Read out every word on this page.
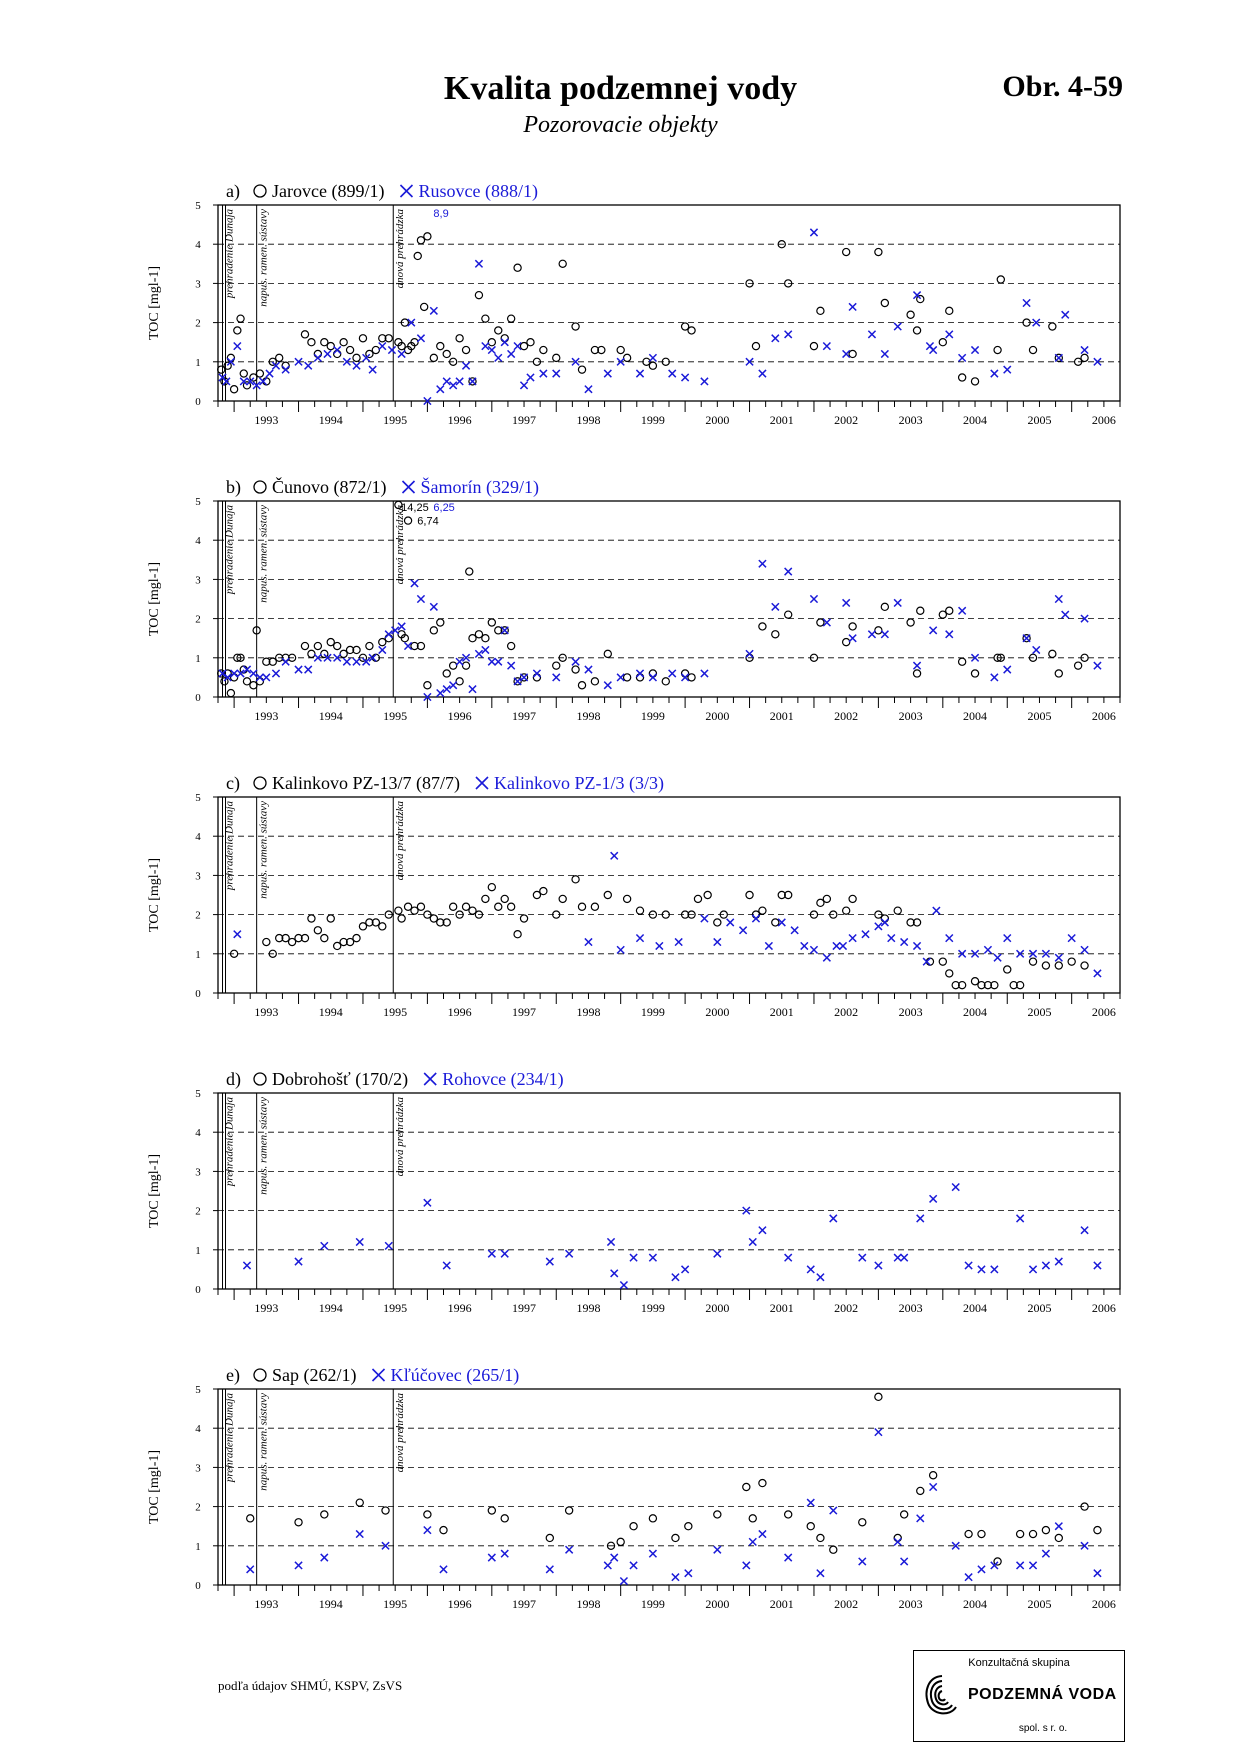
Kvalita podzemnej vody
Pozorovacie objekty
Obr. 4-59
0
1
2
3
4
5
1993	1994	1995	1996	1997	1998	1999	2000	2001	2002	2003	2004	2005	2006
TOC [mgl-1]
prehradenie Dunaja napus. ramen. sústavy	dnová prehrádzka
a) Jarovce (899/1) Rusovce (888/1)
8,9
0
1
2
3
4
5
1993	1994	1995	1996	1997	1998	1999	2000	2001	2002	2003	2004	2005	2006
TOC [mgl-1]
prehradenie Dunaja napus. ramen. sústavy	dnová prehrádzka
b) Čunovo (872/1) Šamorín (329/1)
14,25 6,25
6,74
0
1
2
3
4
5
1993	1994	1995	1996	1997	1998	1999	2000	2001	2002	2003	2004	2005	2006
TOC [mgl-1]
prehradenie Dunaja napus. ramen. sústavy	dnová prehrádzka
c) Kalinkovo PZ-13/7 (87/7) Kalinkovo PZ-1/3 (3/3)
0
1
2
3
4
5
1993	1994	1995	1996	1997	1998	1999	2000	2001	2002	2003	2004	2005	2006
TOC [mgl-1]
prehradenie Dunaja napus. ramen. sústavy	dnová prehrádzka
d) Dobrohošť (170/2) Rohovce (234/1)
0
1
2
3
4
5
1993	1994	1995	1996	1997	1998	1999	2000	2001	2002	2003	2004	2005	2006
TOC [mgl-1]
prehradenie Dunaja napus. ramen. sústavy	dnová prehrádzka
e) Sap (262/1) Kľúčovec (265/1)
podľa údajov SHMÚ, KSPV, ZsVS
Konzultačná skupina
PODZEMNÁ VODA
spol. s r. o.
